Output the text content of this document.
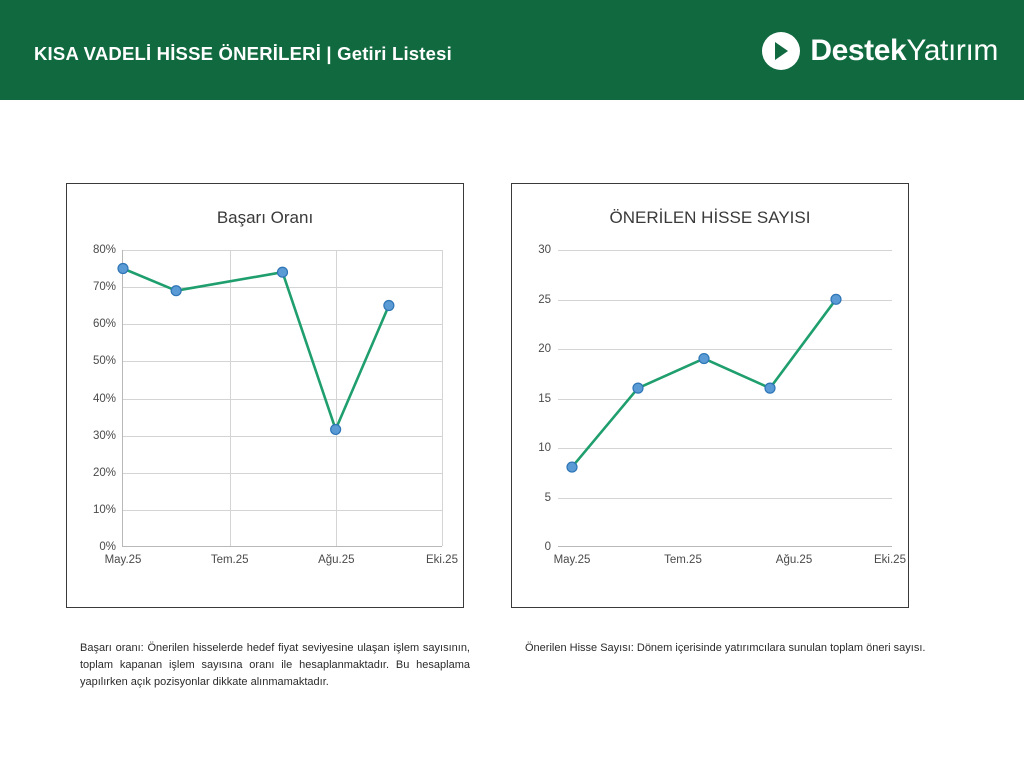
KISA VADELİ HİSSE ÖNERİLERİ | Getiri Listesi	DestekYatırım
Başarı Oranı
80%
70%
60%
50%
40%
30%
20%
10%
0%
May.25	Tem.25	Ağu.25	Eki.25
ÖNERİLEN HİSSE SAYISI
30
25
20
15
10
5
0
May.25	Tem.25	Ağu.25	Eki.25
Başarı oranı: Önerilen hisselerde hedef fiyat seviyesine ulaşan işlem sayısının, toplam kapanan işlem sayısına oranı ile hesaplanmaktadır. Bu hesaplama yapılırken açık pozisyonlar dikkate alınmamaktadır.
Önerilen Hisse Sayısı: Dönem içerisinde yatırımcılara sunulan toplam öneri sayısı.
